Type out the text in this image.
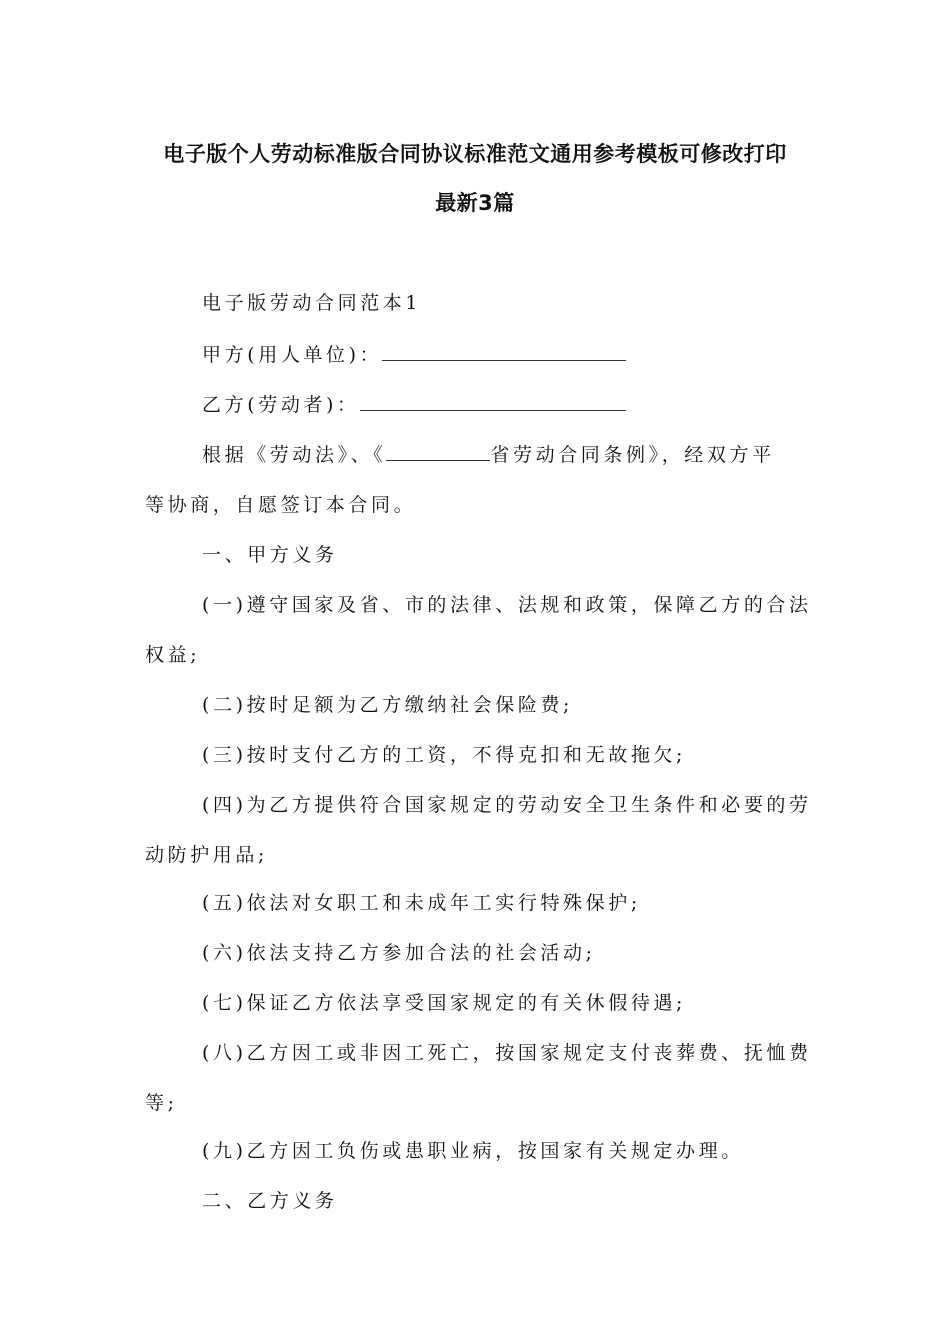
电子版个人劳动标准版合同协议标准范文通用参考模板可修改打印
最新3篇
电子版劳动合同范本1
甲方(用人单位)：
乙方(劳动者)：
根据《劳动法》、《	省劳动合同条例》，经双方平
等协商，自愿签订本合同。
一、甲方义务
(一)遵守国家及省、市的法律、法规和政策，保障乙方的合法
权益;
(二)按时足额为乙方缴纳社会保险费;
(三)按时支付乙方的工资，不得克扣和无故拖欠;
(四)为乙方提供符合国家规定的劳动安全卫生条件和必要的劳
动防护用品;
(五)依法对女职工和未成年工实行特殊保护;
(六)依法支持乙方参加合法的社会活动;
(七)保证乙方依法享受国家规定的有关休假待遇;
(八)乙方因工或非因工死亡，按国家规定支付丧葬费、抚恤费
等;
(九)乙方因工负伤或患职业病，按国家有关规定办理。
二、乙方义务
